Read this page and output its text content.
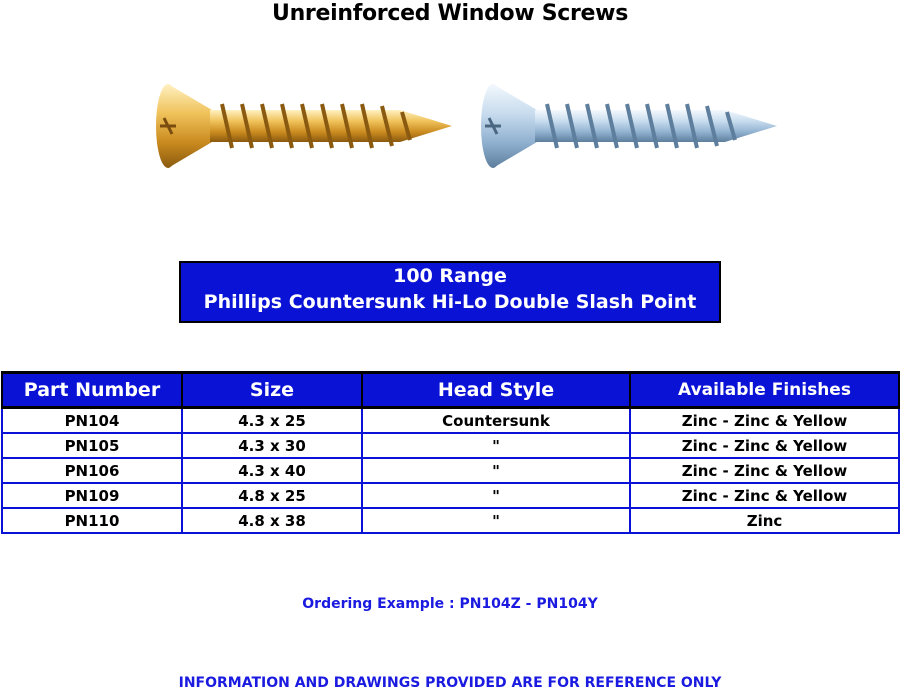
Unreinforced Window Screws
100 Range
Phillips Countersunk Hi-Lo Double Slash Point
Part Number	Size	Head Style	Available Finishes
PN104	4.3 x 25	Countersunk	Zinc - Zinc & Yellow
PN105	4.3 x 30	"	Zinc - Zinc & Yellow
PN106	4.3 x 40	"	Zinc - Zinc & Yellow
PN109	4.8 x 25	"	Zinc - Zinc & Yellow
PN110	4.8 x 38	"	Zinc
Ordering Example : PN104Z - PN104Y
INFORMATION AND DRAWINGS PROVIDED ARE FOR REFERENCE ONLY
